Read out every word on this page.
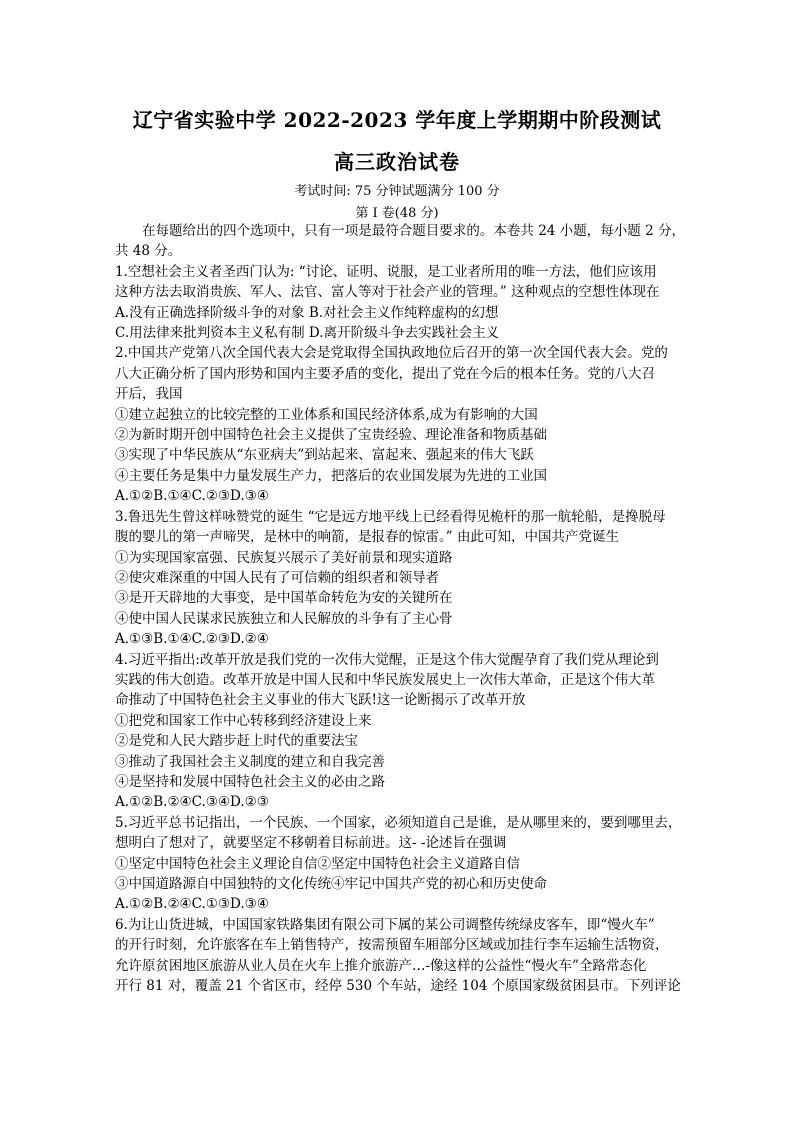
辽宁省实验中学 2022-2023 学年度上学期期中阶段测试
高三政治试卷
考试时间: 75 分钟试题满分 100 分
第 I 卷(48 分)
在每题给出的四个选项中，只有一项是最符合题目要求的。本卷共 24 小题，每小题 2 分，共 48 分。
1.空想社会主义者圣西门认为: “讨论、证明、说服，是工业者所用的唯一方法，他们应该用
这种方法去取消贵族、军人、法官、富人等对于社会产业的管理。” 这种观点的空想性体现在
A.没有正确选择阶级斗争的对象 B.对社会主义作纯粹虚构的幻想
C.用法律来批判资本主义私有制 D.离开阶级斗争去实践社会主义
2.中国共产党第八次全国代表大会是党取得全国执政地位后召开的第一次全国代表大会。党的
八大正确分析了国内形势和国内主要矛盾的变化，提出了党在今后的根本任务。党的八大召
开后，我国
①建立起独立的比较完整的工业体系和国民经济体系,成为有影响的大国
②为新时期开创中国特色社会主义提供了宝贵经验、理论准备和物质基础
③实现了中华民族从“东亚病夫”到站起来、富起来、强起来的伟大飞跃
④主要任务是集中力量发展生产力，把落后的农业国发展为先进的工业国
A.①②B.①④C.②③D.③④
3.鲁迅先生曾这样咏赞党的诞生 “它是远方地平线上已经看得见桅杆的那一航轮船，是搀脱母
腹的婴儿的第一声啼哭，是林中的响箭，是报春的惊雷。” 由此可知，中国共产党诞生
①为实现国家富强、民族复兴展示了美好前景和现实道路
②使灾难深重的中国人民有了可信赖的组织者和领导者
③是开天辟地的大事变，是中国革命转危为安的关键所在
④使中国人民谋求民族独立和人民解放的斗争有了主心骨
A.①③B.①④C.②③D.②④
4.习近平指出:改革开放是我们党的一次伟大觉醒，正是这个伟大觉醒孕育了我们党从理论到
实践的伟大创造。改革开放是中国人民和中华民族发展史上一次伟大革命，正是这个伟大革
命推动了中国特色社会主义事业的伟大飞跃!这一论断揭示了改革开放
①把党和国家工作中心转移到经济建设上来
②是党和人民大踏步赶上时代的重要法宝
③推动了我国社会主义制度的建立和自我完善
④是坚持和发展中国特色社会主义的必由之路
A.①②B.②④C.③④D.②③
5.习近平总书记指出，一个民族、一个国家，必须知道自己是谁，是从哪里来的，要到哪里去，
想明白了想对了，就要坚定不移朝着目标前进。这- -论述旨在强调
①坚定中国特色社会主义理论自信②坚定中国特色社会主义道路自信
③中国道路源自中国独特的文化传统④牢记中国共产党的初心和历史使命
A.①②B.②④C.①③D.③④
6.为让山货进城，中国国家铁路集团有限公司下属的某公司调整传统绿皮客车，即“慢火车”
的开行时刻，允许旅客在车上销售特产，按需预留车厢部分区域或加挂行李车运输生活物资，
允许原贫困地区旅游从业人员在火车上推介旅游产…-像这样的公益性“慢火车”全路常态化
开行 81 对，覆盖 21 个省区市，经停 530 个车站，途经 104 个原国家级贫困县市。下列评论
